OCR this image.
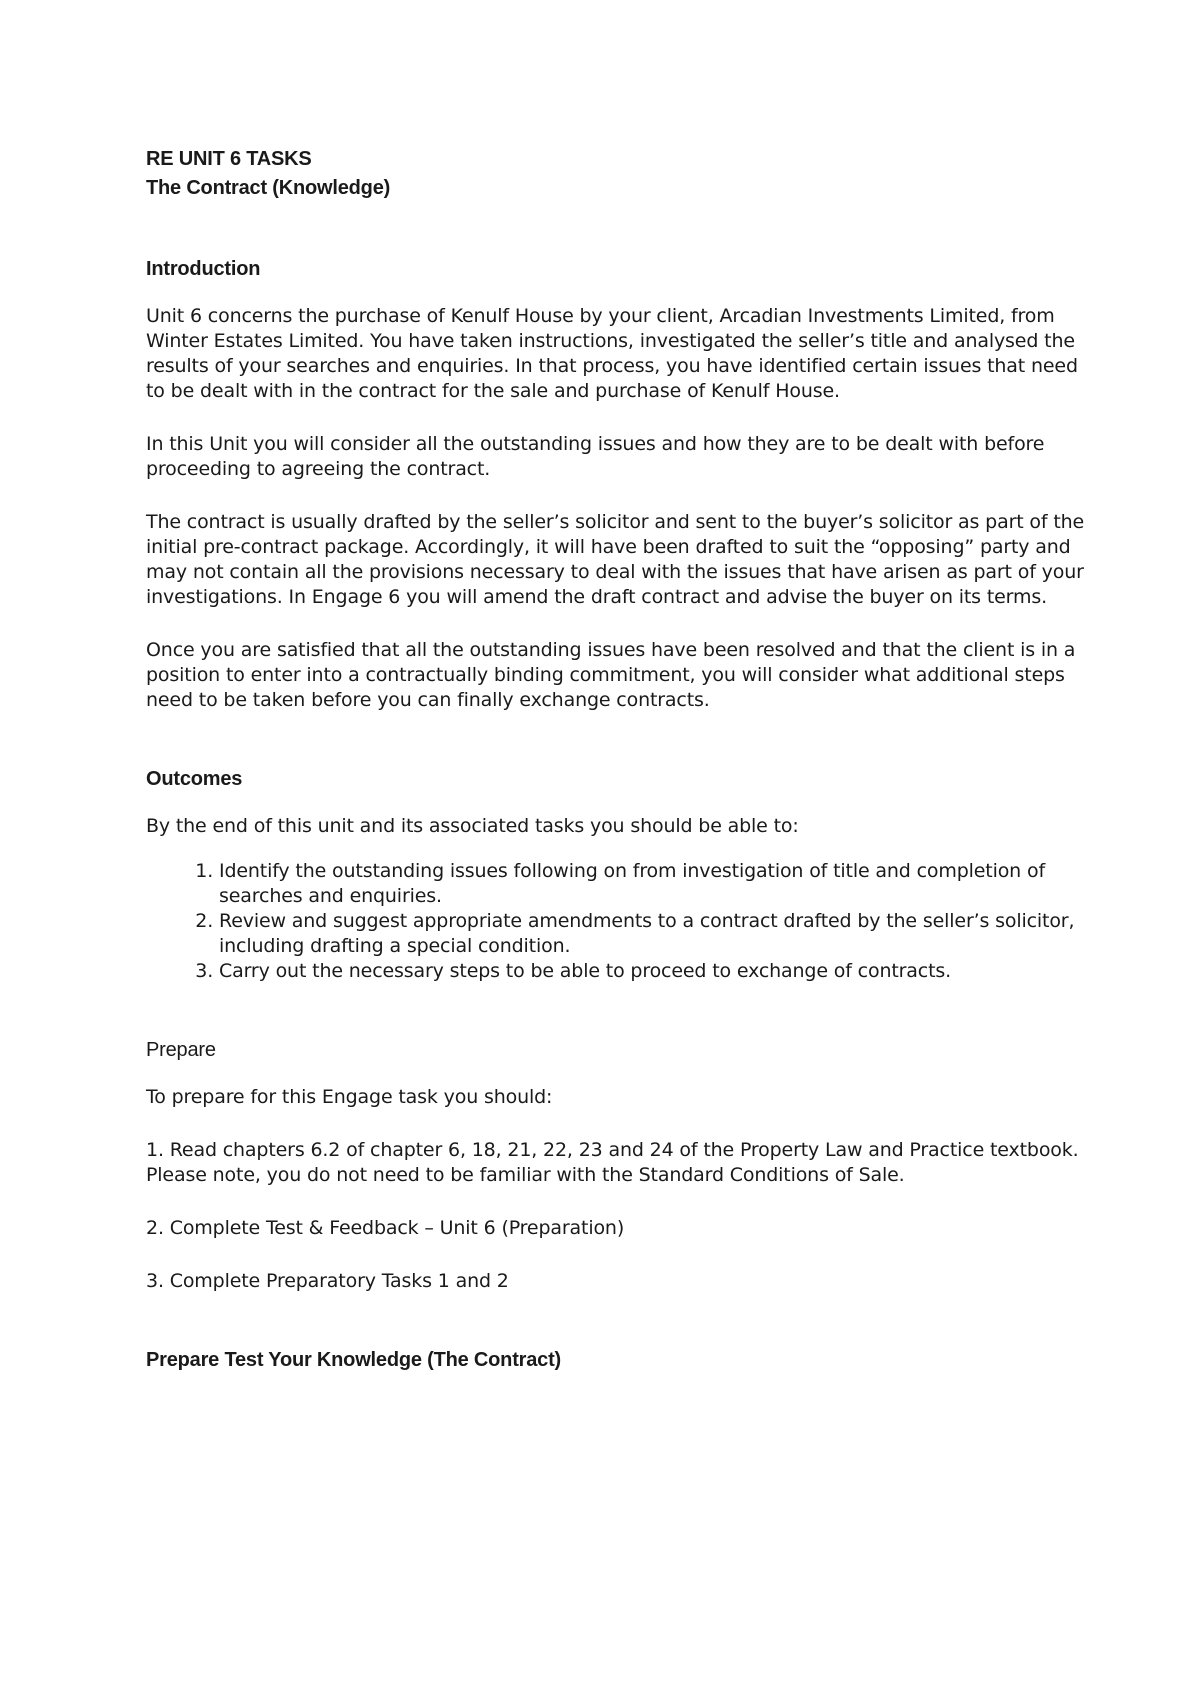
RE UNIT 6 TASKS

The Contract (Knowledge)

Introduction

Unit 6 concerns the purchase of Kenulf House by your client, Arcadian Investments Limited, from Winter Estates Limited. You have taken instructions, investigated the seller’s title and analysed the results of your searches and enquiries. In that process, you have identified certain issues that need to be dealt with in the contract for the sale and purchase of Kenulf House.

In this Unit you will consider all the outstanding issues and how they are to be dealt with before proceeding to agreeing the contract.

The contract is usually drafted by the seller’s solicitor and sent to the buyer’s solicitor as part of the initial pre-contract package. Accordingly, it will have been drafted to suit the “opposing” party and may not contain all the provisions necessary to deal with the issues that have arisen as part of your investigations. In Engage 6 you will amend the draft contract and advise the buyer on its terms.

Once you are satisfied that all the outstanding issues have been resolved and that the client is in a position to enter into a contractually binding commitment, you will consider what additional steps need to be taken before you can finally exchange contracts.

Outcomes

By the end of this unit and its associated tasks you should be able to:

1. Identify the outstanding issues following on from investigation of title and completion of searches and enquiries.
2. Review and suggest appropriate amendments to a contract drafted by the seller’s solicitor, including drafting a special condition.
3. Carry out the necessary steps to be able to proceed to exchange of contracts.

Prepare

To prepare for this Engage task you should:

1. Read chapters 6.2 of chapter 6, 18, 21, 22, 23 and 24 of the Property Law and Practice textbook. Please note, you do not need to be familiar with the Standard Conditions of Sale.

2. Complete Test & Feedback – Unit 6 (Preparation)

3. Complete Preparatory Tasks 1 and 2

Prepare Test Your Knowledge (The Contract)
